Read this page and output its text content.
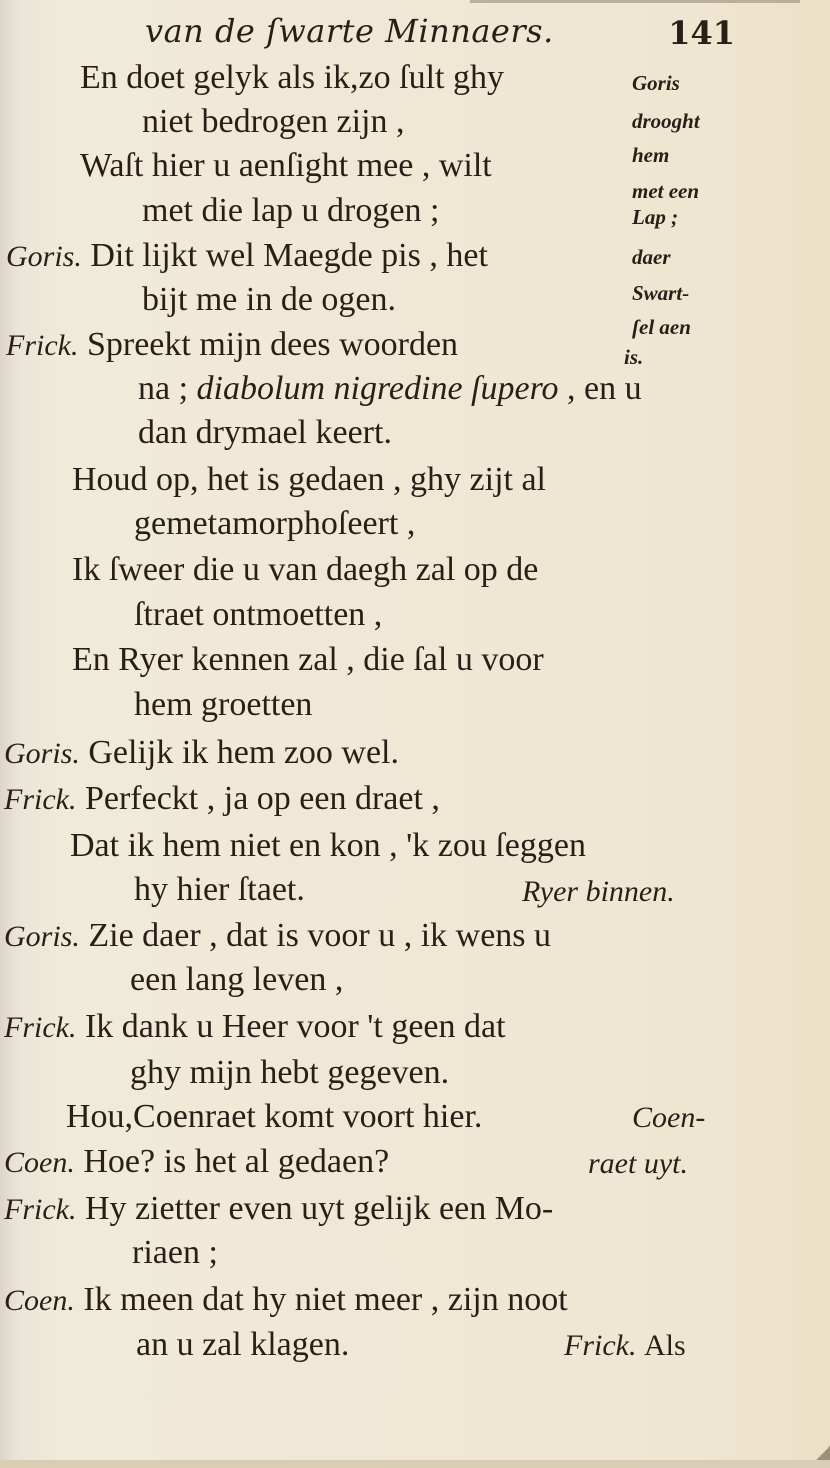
van de ſwarte Minnaers.	141
En doet gelyk als ik,zo ſult ghy
niet bedrogen zijn ,
Waſt hier u aenſight mee , wilt
met die lap u drogen ;
Goris. Dit lijkt wel Maegde pis , het
bijt me in de ogen.
Frick. Spreekt mijn dees woorden
na ; diabolum nigredine ſupero , en u
dan drymael keert.
Houd op, het is gedaen , ghy zijt al
gemetamorphoſeert ,
Ik ſweer die u van daegh zal op de
ſtraet ontmoetten ,
En Ryer kennen zal , die ſal u voor
hem groetten
Goris. Gelijk ik hem zoo wel.
Frick. Perfeckt , ja op een draet ,
Dat ik hem niet en kon , 'k zou ſeggen
hy hier ſtaet.
Goris. Zie daer , dat is voor u , ik wens u
een lang leven ,
Frick. Ik dank u Heer voor 't geen dat
ghy mijn hebt gegeven.
Hou,Coenraet komt voort hier.
Coen. Hoe? is het al gedaen?
Frick. Hy zietter even uyt gelijk een Mo-
riaen ;
Coen. Ik meen dat hy niet meer , zijn noot
an u zal klagen.
Goris
drooght
hem
met een
Lap ;
daer
Swart-
ſel aen
is.
Ryer binnen.
Coen-
raet uyt.
Frick. Als
